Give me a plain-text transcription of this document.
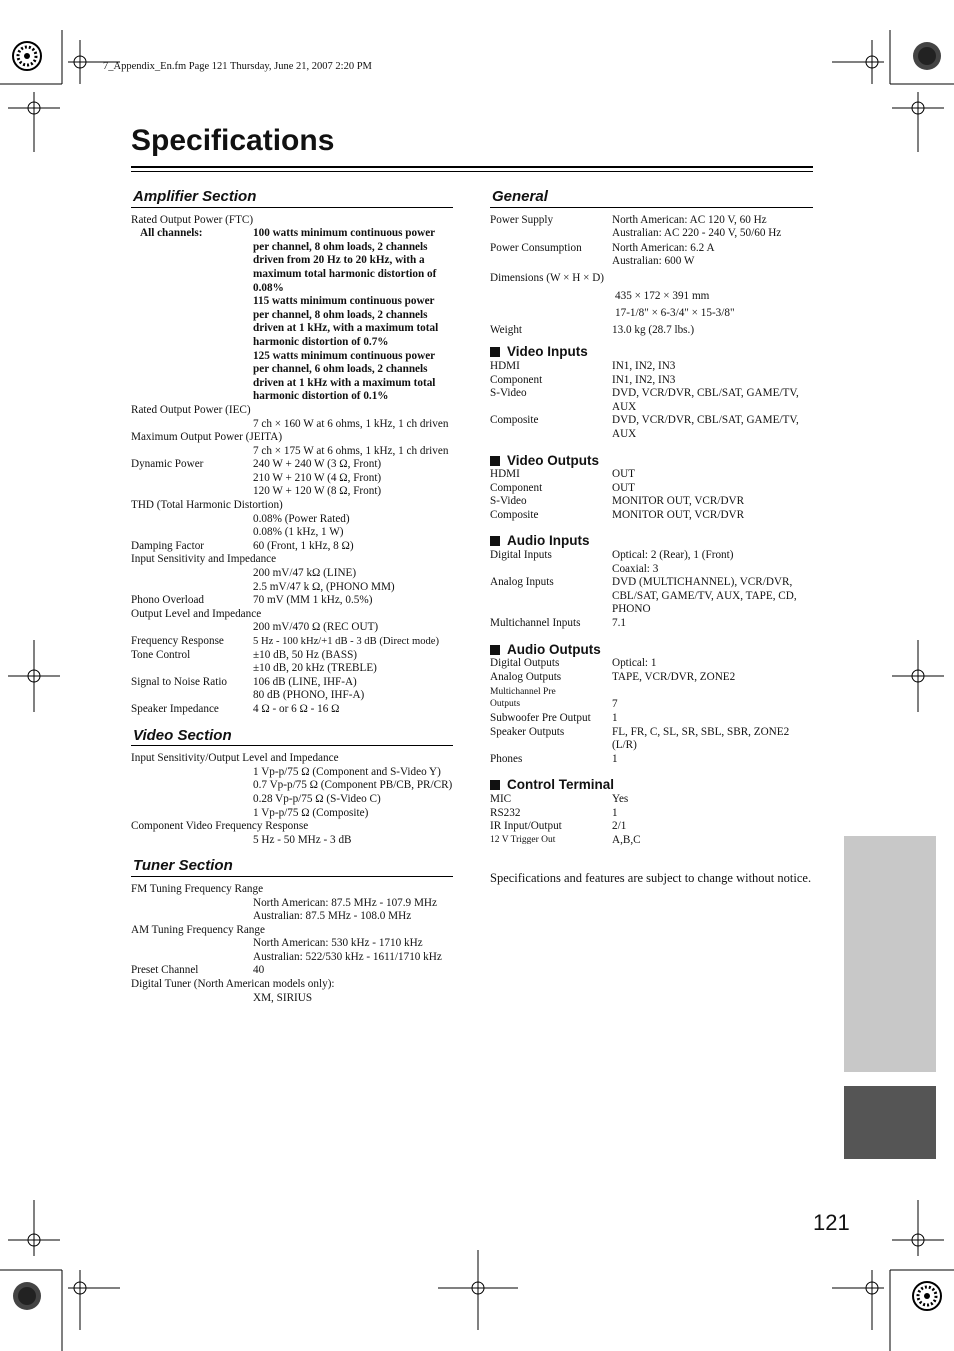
7_Appendix_En.fm Page 121 Thursday, June 21, 2007 2:20 PM
Specifications
Amplifier Section
Rated Output Power (FTC)
All channels:	100 watts minimum continuous power per channel, 8 ohm loads, 2 channels driven from 20 Hz to 20 kHz, with a maximum total harmonic distortion of 0.08%
115 watts minimum continuous power per channel, 8 ohm loads, 2 channels driven at 1 kHz, with a maximum total harmonic distortion of 0.7%
125 watts minimum continuous power per channel, 6 ohm loads, 2 channels driven at 1 kHz with a maximum total harmonic distortion of 0.1%
Rated Output Power (IEC)
7 ch × 160 W at 6 ohms, 1 kHz, 1 ch driven
Maximum Output Power (JEITA)
7 ch × 175 W at 6 ohms, 1 kHz, 1 ch driven
Dynamic Power	240 W + 240 W (3 Ω, Front)
210 W + 210 W (4 Ω, Front)
120 W + 120 W (8 Ω, Front)
THD (Total Harmonic Distortion)
0.08% (Power Rated)
0.08% (1 kHz, 1 W)
Damping Factor	60 (Front, 1 kHz, 8 Ω)
Input Sensitivity and Impedance
200 mV/47 kΩ (LINE)
2.5 mV/47 k Ω, (PHONO MM)
Phono Overload	70 mV (MM 1 kHz, 0.5%)
Output Level and Impedance
200 mV/470 Ω (REC OUT)
Frequency Response	5 Hz - 100 kHz/+1 dB - 3 dB (Direct mode)
Tone Control	±10 dB, 50 Hz (BASS)
±10 dB, 20 kHz (TREBLE)
Signal to Noise Ratio	106 dB (LINE, IHF-A)
80 dB (PHONO, IHF-A)
Speaker Impedance	4 Ω - or 6 Ω - 16 Ω
Video Section
Input Sensitivity/Output Level and Impedance
1 Vp-p/75 Ω (Component and S-Video Y)
0.7 Vp-p/75 Ω (Component PB/CB, PR/CR)
0.28 Vp-p/75 Ω (S-Video C)
1 Vp-p/75 Ω (Composite)
Component Video Frequency Response
5 Hz - 50 MHz - 3 dB
Tuner Section
FM Tuning Frequency Range
North American: 87.5 MHz - 107.9 MHz
Australian: 87.5 MHz - 108.0 MHz
AM Tuning Frequency Range
North American: 530 kHz - 1710 kHz
Australian: 522/530 kHz - 1611/1710 kHz
Preset Channel	40
Digital Tuner (North American models only):
XM, SIRIUS
General
Power Supply	North American: AC 120 V, 60 Hz
Australian: AC 220 - 240 V, 50/60 Hz
Power Consumption	North American: 6.2 A
Australian: 600 W
Dimensions (W × H × D)
435 × 172 × 391 mm
17-1/8" × 6-3/4" × 15-3/8"
Weight	13.0 kg (28.7 lbs.)
Video Inputs
HDMI	IN1, IN2, IN3
Component	IN1, IN2, IN3
S-Video	DVD, VCR/DVR, CBL/SAT, GAME/TV, AUX
Composite	DVD, VCR/DVR, CBL/SAT, GAME/TV, AUX
Video Outputs
HDMI	OUT
Component	OUT
S-Video	MONITOR OUT, VCR/DVR
Composite	MONITOR OUT, VCR/DVR
Audio Inputs
Digital Inputs	Optical: 2 (Rear), 1 (Front)
Coaxial: 3
Analog Inputs	DVD (MULTICHANNEL), VCR/DVR, CBL/SAT, GAME/TV, AUX, TAPE, CD, PHONO
Multichannel Inputs	7.1
Audio Outputs
Digital Outputs	Optical: 1
Analog Outputs	TAPE, VCR/DVR, ZONE2
Multichannel Pre
Outputs	7
Subwoofer Pre Output	1
Speaker Outputs	FL, FR, C, SL, SR, SBL, SBR, ZONE2 (L/R)
Phones	1
Control Terminal
MIC	Yes
RS232	1
IR Input/Output	2/1
12 V Trigger Out	A,B,C
Specifications and features are subject to change without notice.
121
